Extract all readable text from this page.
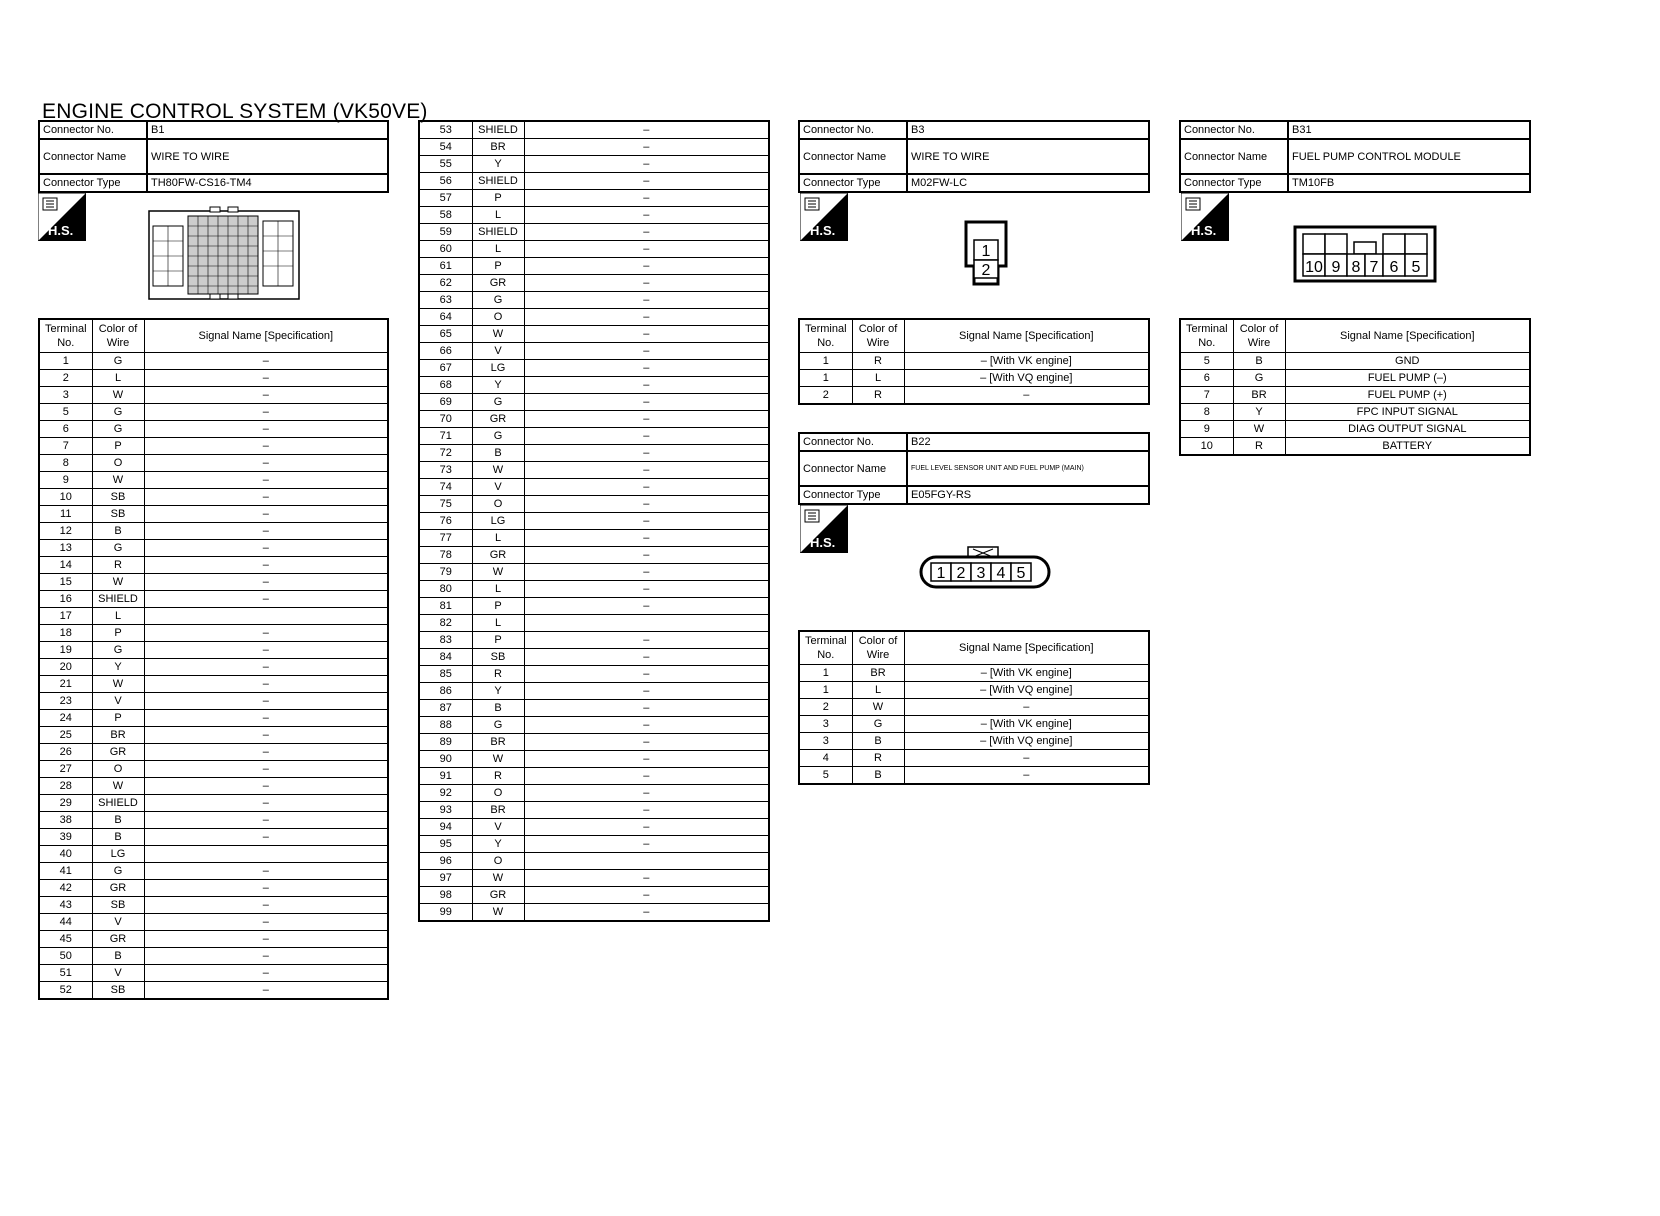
ENGINE CONTROL SYSTEM (VK50VE)
Connector No.	B1
Connector Name	WIRE TO WIRE
Connector Type	TH80FW-CS16-TM4
H.S.
Terminal No.	Color of Wire	Signal Name [Specification]
1	G	–
2	L	–
3	W	–
5	G	–
6	G	–
7	P	–
8	O	–
9	W	–
10	SB	–
11	SB	–
12	B	–
13	G	–
14	R	–
15	W	–
16	SHIELD	–
17	L	
18	P	–
19	G	–
20	Y	–
21	W	–
23	V	–
24	P	–
25	BR	–
26	GR	–
27	O	–
28	W	–
29	SHIELD	–
38	B	–
39	B	–
40	LG	
41	G	–
42	GR	–
43	SB	–
44	V	–
45	GR	–
50	B	–
51	V	–
52	SB	–
53	SHIELD	–
54	BR	–
55	Y	–
56	SHIELD	–
57	P	–
58	L	–
59	SHIELD	–
60	L	–
61	P	–
62	GR	–
63	G	–
64	O	–
65	W	–
66	V	–
67	LG	–
68	Y	–
69	G	–
70	GR	–
71	G	–
72	B	–
73	W	–
74	V	–
75	O	–
76	LG	–
77	L	–
78	GR	–
79	W	–
80	L	–
81	P	–
82	L	
83	P	–
84	SB	–
85	R	–
86	Y	–
87	B	–
88	G	–
89	BR	–
90	W	–
91	R	–
92	O	–
93	BR	–
94	V	–
95	Y	–
96	O	
97	W	–
98	GR	–
99	W	–
Connector No.	B3
Connector Name	WIRE TO WIRE
Connector Type	M02FW-LC
H.S.
1
2
Terminal No.	Color of Wire	Signal Name [Specification]
1	R	– [With VK engine]
1	L	– [With VQ engine]
2	R	–
Connector No.	B22
Connector Name	FUEL LEVEL SENSOR UNIT AND FUEL PUMP (MAIN)
Connector Type	E05FGY-RS
H.S.
1 2 3 4 5
Terminal No.	Color of Wire	Signal Name [Specification]
1	BR	– [With VK engine]
1	L	– [With VQ engine]
2	W	–
3	G	– [With VK engine]
3	B	– [With VQ engine]
4	R	–
5	B	–
Connector No.	B31
Connector Name	FUEL PUMP CONTROL MODULE
Connector Type	TM10FB
H.S.
10 9 8 7 6 5
Terminal No.	Color of Wire	Signal Name [Specification]
5	B	GND
6	G	FUEL PUMP (–)
7	BR	FUEL PUMP (+)
8	Y	FPC INPUT SIGNAL
9	W	DIAG OUTPUT SIGNAL
10	R	BATTERY
